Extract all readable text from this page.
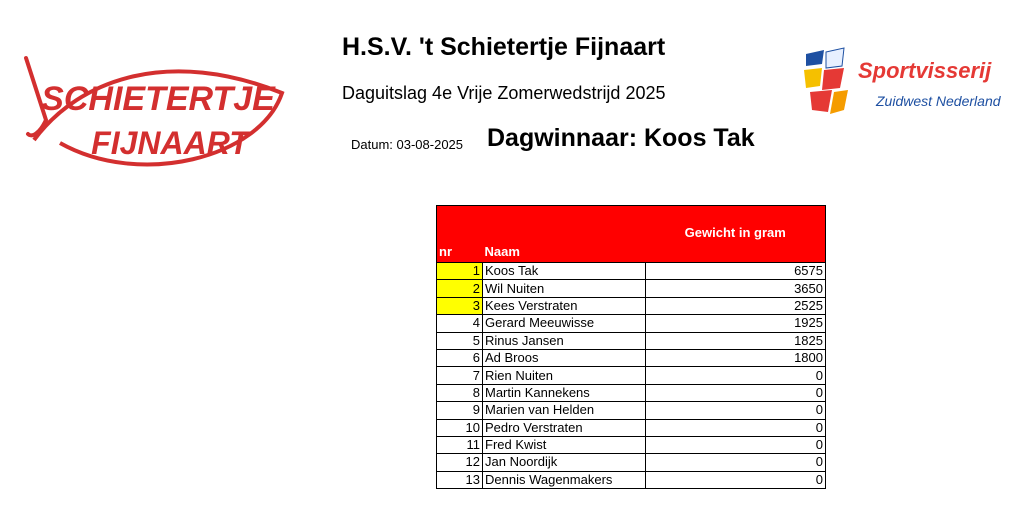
SCHIETERTJE
FIJNAART
H.S.V. 't Schietertje Fijnaart
Daguitslag 4e Vrije Zomerwedstrijd 2025
Datum: 03-08-2025 Dagwinnaar: Koos Tak
Sportvisserij
Zuidwest Nederland
nr	Naam	Gewicht in gram
1	Koos Tak	6575
2	Wil Nuiten	3650
3	Kees Verstraten	2525
4	Gerard Meeuwisse	1925
5	Rinus Jansen	1825
6	Ad Broos	1800
7	Rien Nuiten	0
8	Martin Kannekens	0
9	Marien van Helden	0
10	Pedro Verstraten	0
11	Fred Kwist	0
12	Jan Noordijk	0
13	Dennis Wagenmakers	0
